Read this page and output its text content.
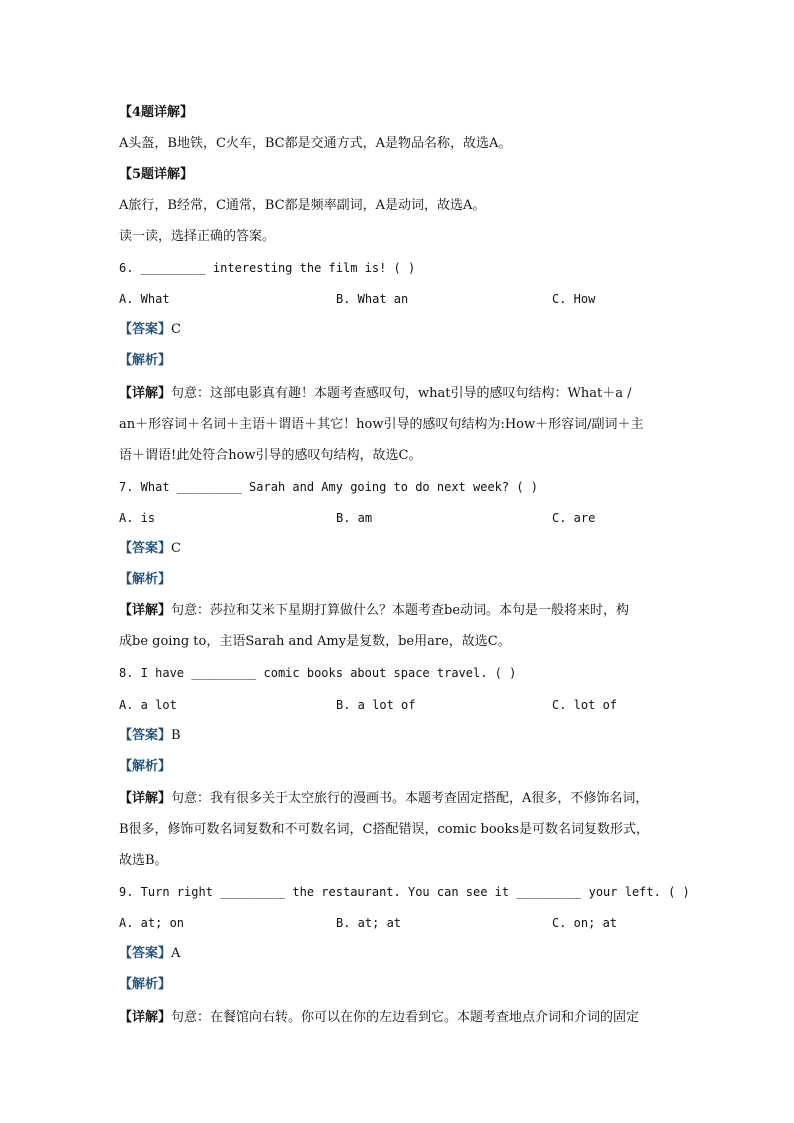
【4题详解】
A头盔，B地铁，C火车，BC都是交通方式，A是物品名称，故选A。
【5题详解】
A旅行，B经常，C通常，BC都是频率副词，A是动词，故选A。
读一读，选择正确的答案。
6. _________ interesting the film is! ( )
A. What	B. What an	C. How
【答案】C
【解析】
【详解】句意：这部电影真有趣！本题考查感叹句，what引导的感叹句结构：What＋a /
an＋形容词＋名词＋主语＋谓语＋其它！how引导的感叹句结构为:How＋形容词/副词＋主
语＋谓语!此处符合how引导的感叹句结构，故选C。
7. What _________ Sarah and Amy going to do next week? ( )
A. is	B. am	C. are
【答案】C
【解析】
【详解】句意：莎拉和艾米下星期打算做什么？本题考查be动词。本句是一般将来时，构
成be going to，主语Sarah and Amy是复数，be用are，故选C。
8. I have _________ comic books about space travel. ( )
A. a lot	B. a lot of	C. lot of
【答案】B
【解析】
【详解】句意：我有很多关于太空旅行的漫画书。本题考查固定搭配，A很多，不修饰名词，
B很多，修饰可数名词复数和不可数名词，C搭配错误，comic books是可数名词复数形式，
故选B。
9. Turn right _________ the restaurant. You can see it _________ your left. ( )
A. at; on	B. at; at	C. on; at
【答案】A
【解析】
【详解】句意：在餐馆向右转。你可以在你的左边看到它。本题考查地点介词和介词的固定
